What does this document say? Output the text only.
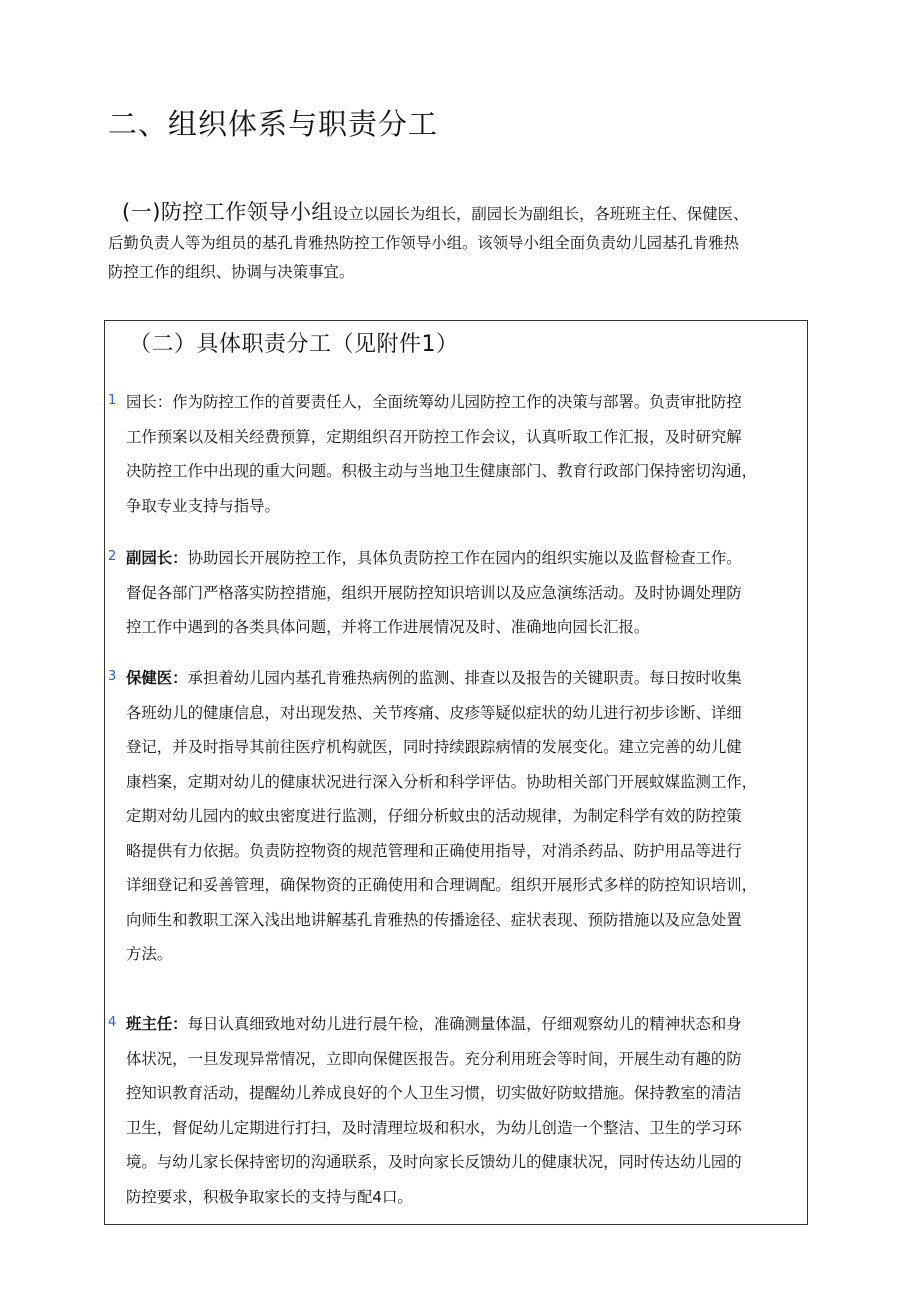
二、组织体系与职责分工
(一)防控工作领导小组设立以园长为组长，副园长为副组长，各班班主任、保健医、
后勤负责人等为组员的基孔肯雅热防控工作领导小组。该领导小组全面负责幼儿园基孔肯雅热
防控工作的组织、协调与决策事宜。
（二）具体职责分工（见附件1）
1 园长：作为防控工作的首要责任人，全面统筹幼儿园防控工作的决策与部署。负责审批防控
工作预案以及相关经费预算，定期组织召开防控工作会议，认真听取工作汇报，及时研究解
决防控工作中出现的重大问题。积极主动与当地卫生健康部门、教育行政部门保持密切沟通，
争取专业支持与指导。
2 副园长：协助园长开展防控工作，具体负责防控工作在园内的组织实施以及监督检查工作。
督促各部门严格落实防控措施，组织开展防控知识培训以及应急演练活动。及时协调处理防
控工作中遇到的各类具体问题，并将工作进展情况及时、准确地向园长汇报。
3 保健医：承担着幼儿园内基孔肯雅热病例的监测、排查以及报告的关键职责。每日按时收集
各班幼儿的健康信息，对出现发热、关节疼痛、皮疹等疑似症状的幼儿进行初步诊断、详细
登记，并及时指导其前往医疗机构就医，同时持续跟踪病情的发展变化。建立完善的幼儿健
康档案，定期对幼儿的健康状况进行深入分析和科学评估。协助相关部门开展蚊媒监测工作，
定期对幼儿园内的蚊虫密度进行监测，仔细分析蚊虫的活动规律，为制定科学有效的防控策
略提供有力依据。负责防控物资的规范管理和正确使用指导，对消杀药品、防护用品等进行
详细登记和妥善管理，确保物资的正确使用和合理调配。组织开展形式多样的防控知识培训，
向师生和教职工深入浅出地讲解基孔肯雅热的传播途径、症状表现、预防措施以及应急处置
方法。
4 班主任：每日认真细致地对幼儿进行晨午检，准确测量体温，仔细观察幼儿的精神状态和身
体状况，一旦发现异常情况，立即向保健医报告。充分利用班会等时间，开展生动有趣的防
控知识教育活动，提醒幼儿养成良好的个人卫生习惯，切实做好防蚊措施。保持教室的清洁
卫生，督促幼儿定期进行打扫，及时清理垃圾和积水，为幼儿创造一个整洁、卫生的学习环
境。与幼儿家长保持密切的沟通联系，及时向家长反馈幼儿的健康状况，同时传达幼儿园的
防控要求，积极争取家长的支持与配4口。
